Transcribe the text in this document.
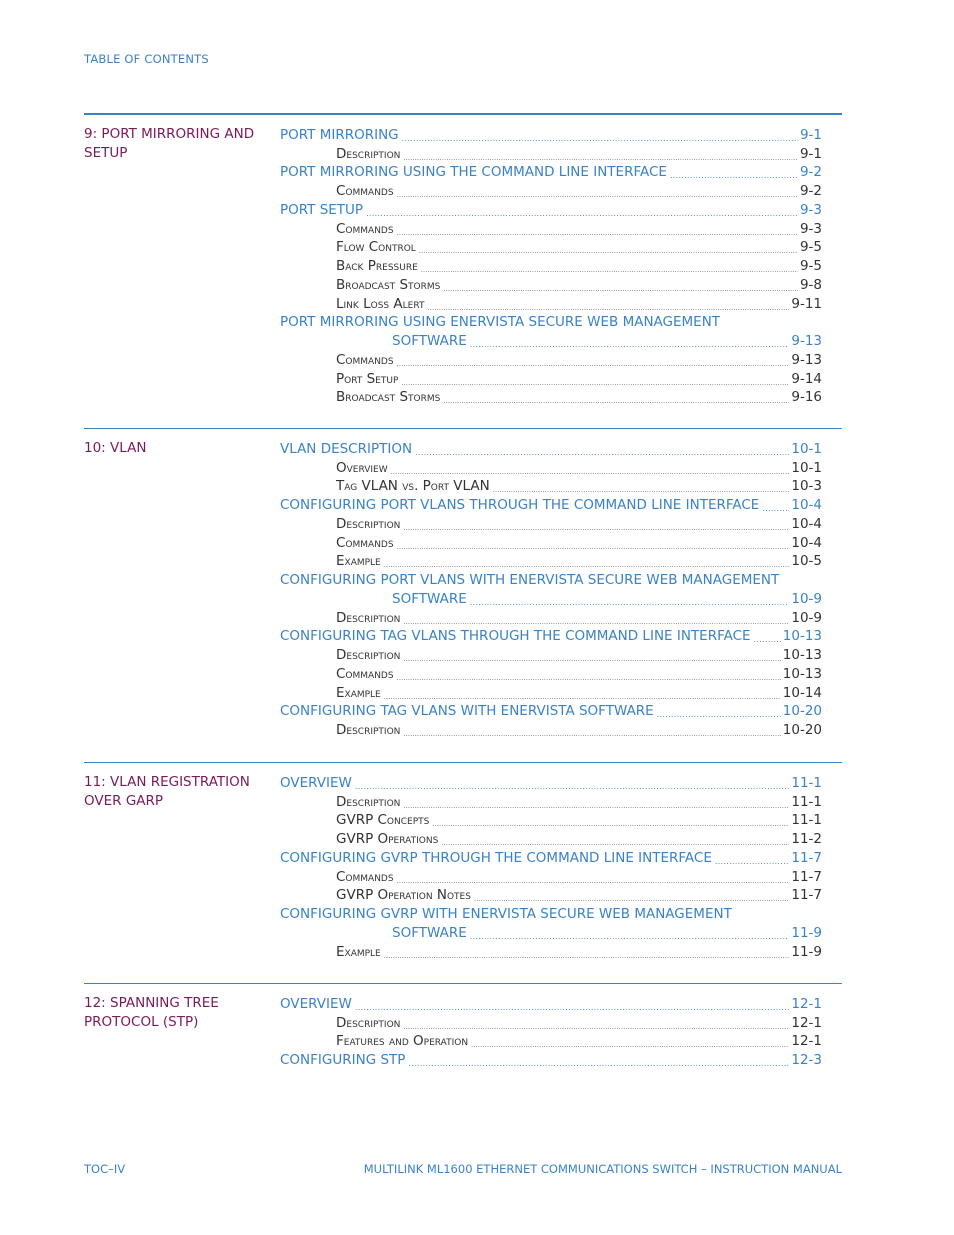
TABLE OF CONTENTS
9: PORT MIRRORING AND
SETUP
PORT MIRRORING .....	9-1
Description .....	9-1
PORT MIRRORING USING THE COMMAND LINE INTERFACE .....	9-2
Commands .....	9-2
PORT SETUP .....	9-3
Commands .....	9-3
Flow Control .....	9-5
Back Pressure .....	9-5
Broadcast Storms .....	9-8
Link Loss Alert .....	9-11
PORT MIRRORING USING ENERVISTA SECURE WEB MANAGEMENT
SOFTWARE .....	9-13
Commands .....	9-13
Port Setup .....	9-14
Broadcast Storms .....	9-16
10: VLAN	VLAN DESCRIPTION .....	10-1
Overview .....	10-1
Tag VLAN vs. Port VLAN .....	10-3
CONFIGURING PORT VLANS THROUGH THE COMMAND LINE INTERFACE ..... 10-4
Description .....	10-4
Commands .....	10-4
Example .....	10-5
CONFIGURING PORT VLANS WITH ENERVISTA SECURE WEB MANAGEMENT
SOFTWARE .....	10-9
Description .....	10-9
CONFIGURING TAG VLANS THROUGH THE COMMAND LINE INTERFACE ..... 10-13
Description .....	10-13
Commands .....	10-13
Example .....	10-14
CONFIGURING TAG VLANS WITH ENERVISTA SOFTWARE .....	10-20
Description .....	10-20
11: VLAN REGISTRATION
OVER GARP
OVERVIEW .....	11-1
Description .....	11-1
GVRP Concepts .....	11-1
GVRP Operations .....	11-2
CONFIGURING GVRP THROUGH THE COMMAND LINE INTERFACE .....	11-7
Commands .....	11-7
GVRP Operation Notes .....	11-7
CONFIGURING GVRP WITH ENERVISTA SECURE WEB MANAGEMENT
SOFTWARE .....	11-9
Example .....	11-9
12: SPANNING TREE
PROTOCOL (STP)
OVERVIEW .....	12-1
Description .....	12-1
Features and Operation .....	12-1
CONFIGURING STP .....	12-3
TOC–IV	MULTILINK ML1600 ETHERNET COMMUNICATIONS SWITCH – INSTRUCTION MANUAL
